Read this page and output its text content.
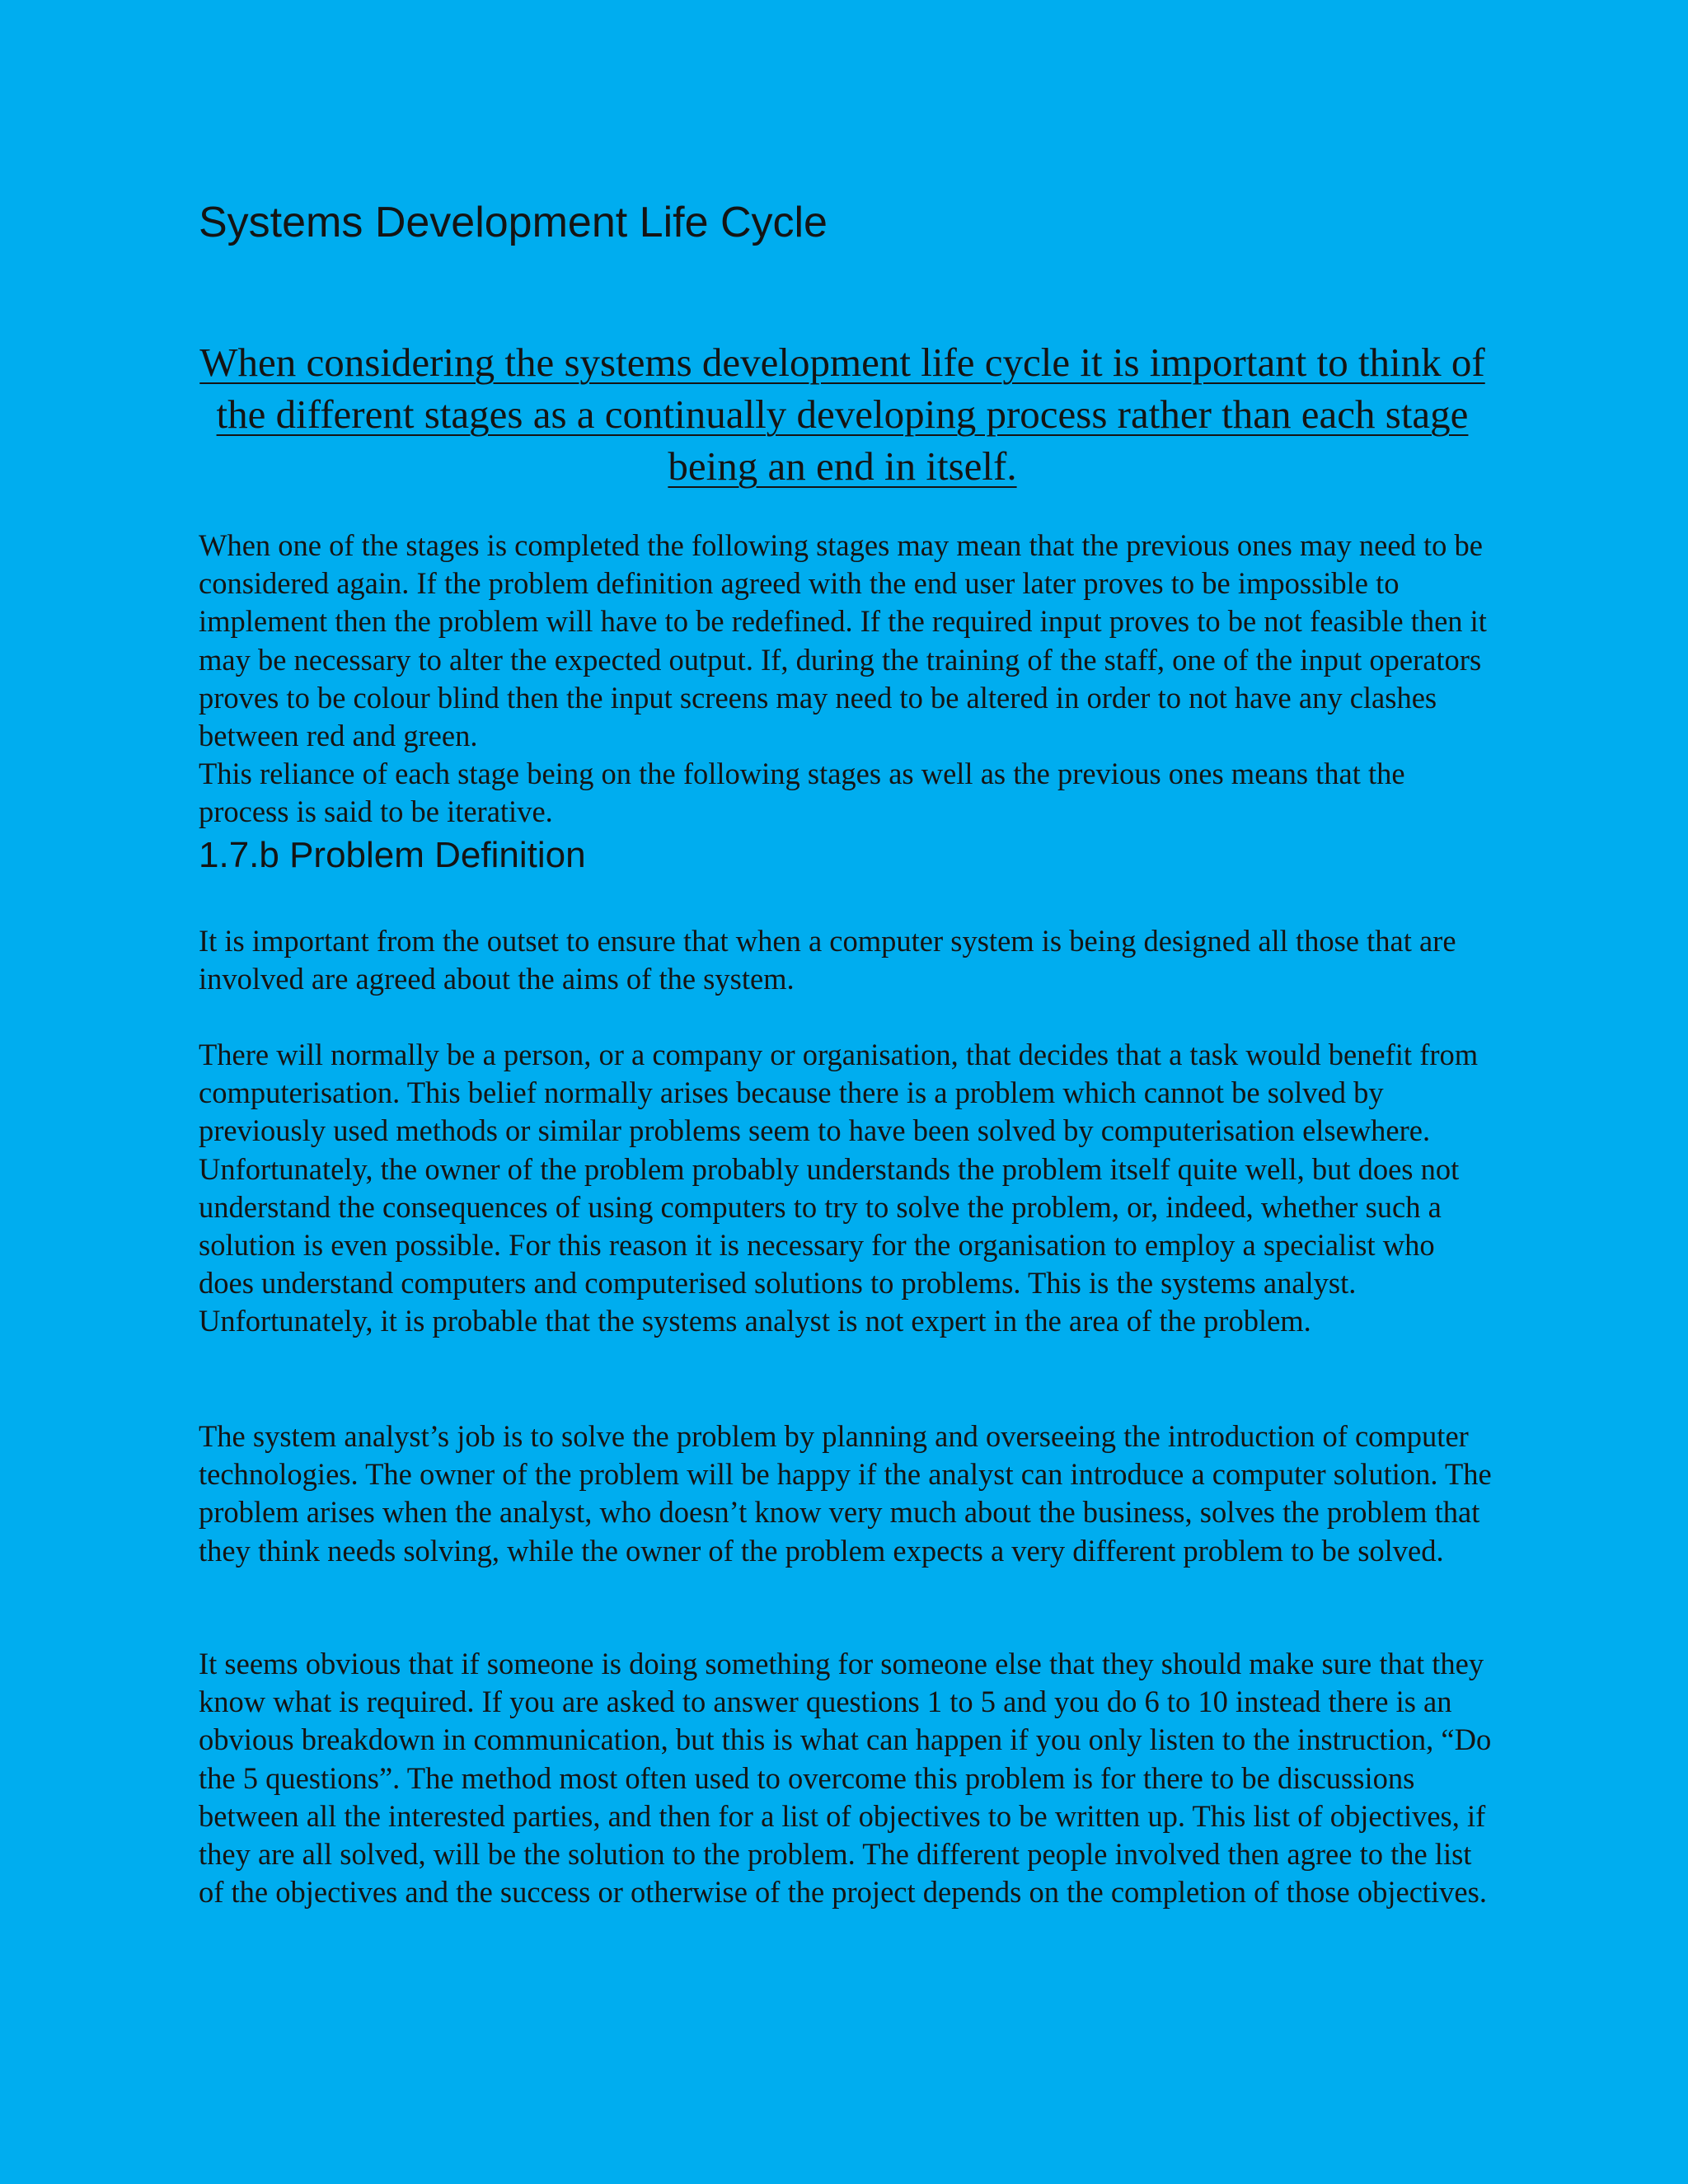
Systems Development Life Cycle
When considering the systems development life cycle it is important to think of the different stages as a continually developing process rather than each stage being an end in itself.

When one of the stages is completed the following stages may mean that the previous ones may need to be considered again. If the problem definition agreed with the end user later proves to be impossible to implement then the problem will have to be redefined. If the required input proves to be not feasible then it may be necessary to alter the expected output. If, during the training of the staff, one of the input operators proves to be colour blind then the input screens may need to be altered in order to not have any clashes between red and green.

This reliance of each stage being on the following stages as well as the previous ones means that the process is said to be iterative.

1.7.b Problem Definition

It is important from the outset to ensure that when a computer system is being designed all those that are involved are agreed about the aims of the system.

There will normally be a person, or a company or organisation, that decides that a task would benefit from computerisation. This belief normally arises because there is a problem which cannot be solved by previously used methods or similar problems seem to have been solved by computerisation elsewhere. Unfortunately, the owner of the problem probably understands the problem itself quite well, but does not understand the consequences of using computers to try to solve the problem, or, indeed, whether such a solution is even possible. For this reason it is necessary for the organisation to employ a specialist who does understand computers and computerised solutions to problems. This is the systems analyst. Unfortunately, it is probable that the systems analyst is not expert in the area of the problem.

The system analyst’s job is to solve the problem by planning and overseeing the introduction of computer technologies. The owner of the problem will be happy if the analyst can introduce a computer solution. The problem arises when the analyst, who doesn’t know very much about the business, solves the problem that they think needs solving, while the owner of the problem expects a very different problem to be solved.

It seems obvious that if someone is doing something for someone else that they should make sure that they know what is required. If you are asked to answer questions 1 to 5 and you do 6 to 10 instead there is an obvious breakdown in communication, but this is what can happen if you only listen to the instruction, “Do the 5 questions”. The method most often used to overcome this problem is for there to be discussions between all the interested parties, and then for a list of objectives to be written up. This list of objectives, if they are all solved, will be the solution to the problem. The different people involved then agree to the list of the objectives and the success or otherwise of the project depends on the completion of those objectives.
